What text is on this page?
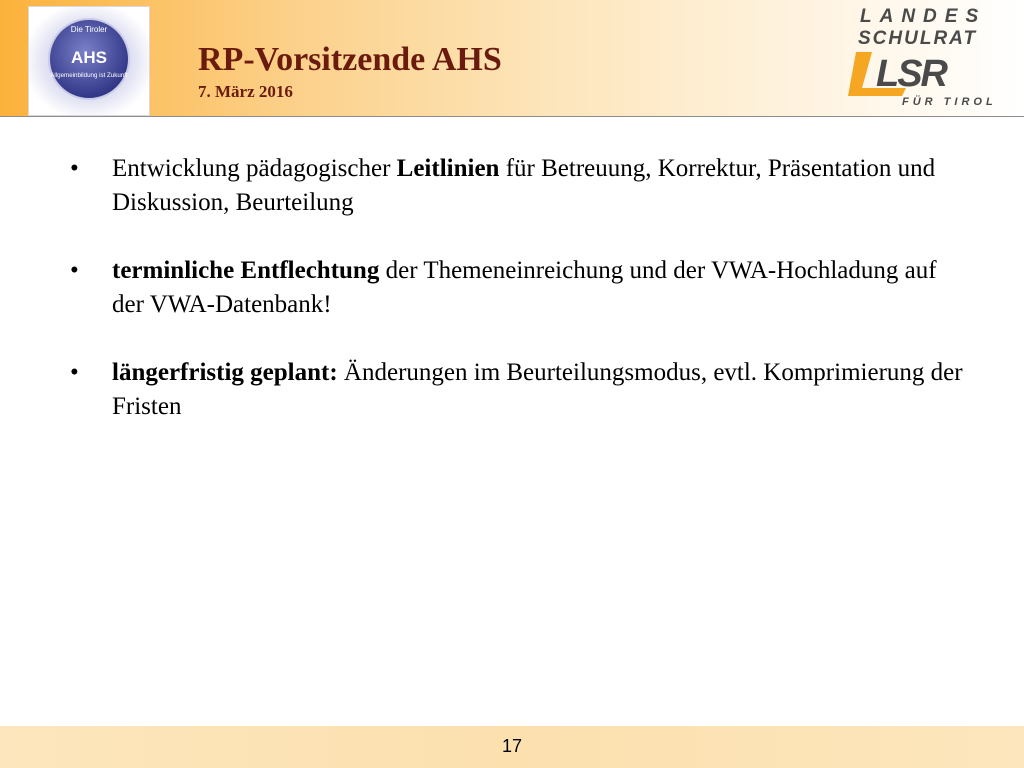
Die Tiroler
AHS
Allgemeinbildung ist Zukunft RP-Vorsitzende AHS
7. März 2016
LANDES
SCHULRAT
LSR
FÜR TIROL
• Entwicklung pädagogischer Leitlinien für Betreuung, Korrektur, Präsentation und Diskussion, Beurteilung
• terminliche Entflechtung der Themeneinreichung und der VWA-Hochladung auf der VWA-Datenbank!
• längerfristig geplant: Änderungen im Beurteilungsmodus, evtl. Komprimierung der Fristen
17
